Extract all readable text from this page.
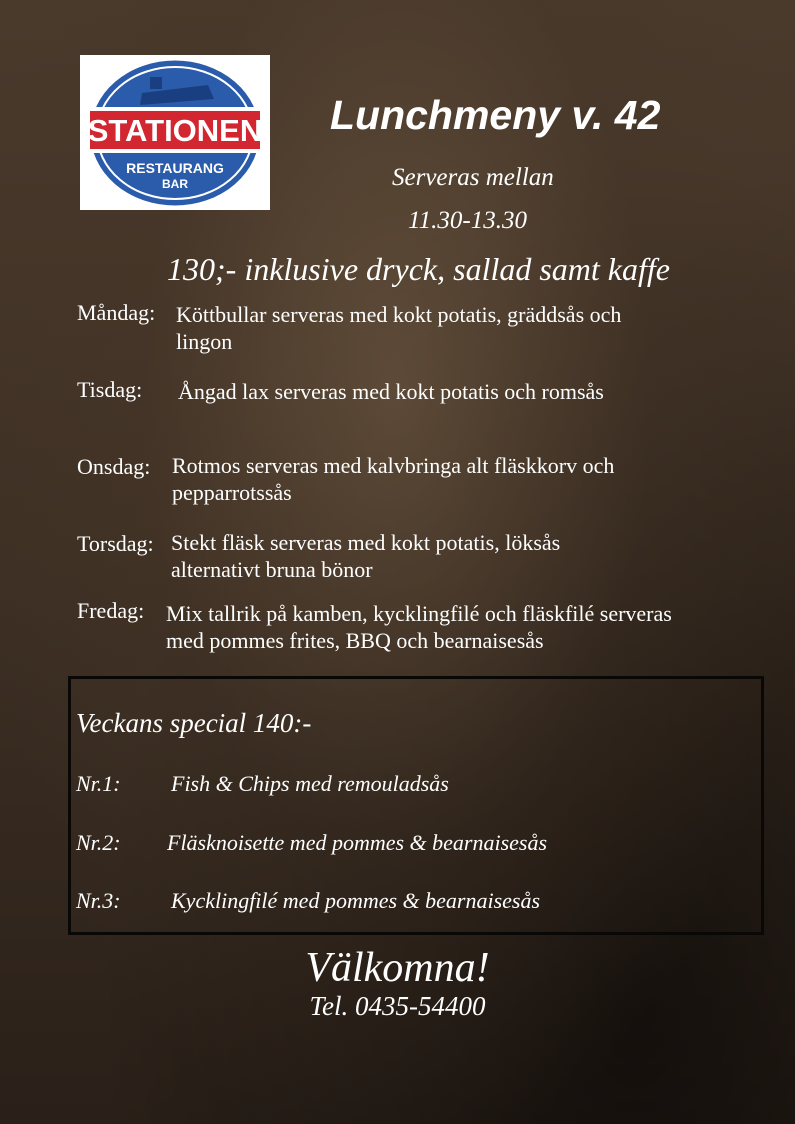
STATIONEN
RESTAURANG
BAR
Lunchmeny v. 42

Serveras mellan

11.30-13.30

130;- inklusive dryck, sallad samt kaffe

Måndag: Köttbullar serveras med kokt potatis, gräddsås och lingon

Tisdag: Ångad lax serveras med kokt potatis och romsås

Onsdag: Rotmos serveras med kalvbringa alt fläskkorv och pepparrotssås

Torsdag: Stekt fläsk serveras med kokt potatis, löksås alternativt bruna bönor

Fredag: Mix tallrik på kamben, kycklingfilé och fläskfilé serveras med pommes frites, BBQ och bearnaisesås

Veckans special 140:-

Nr.1: Fish & Chips med remouladsås

Nr.2: Fläsknoisette med pommes & bearnaisesås

Nr.3: Kycklingfilé med pommes & bearnaisesås

Välkomna!

Tel. 0435-54400
